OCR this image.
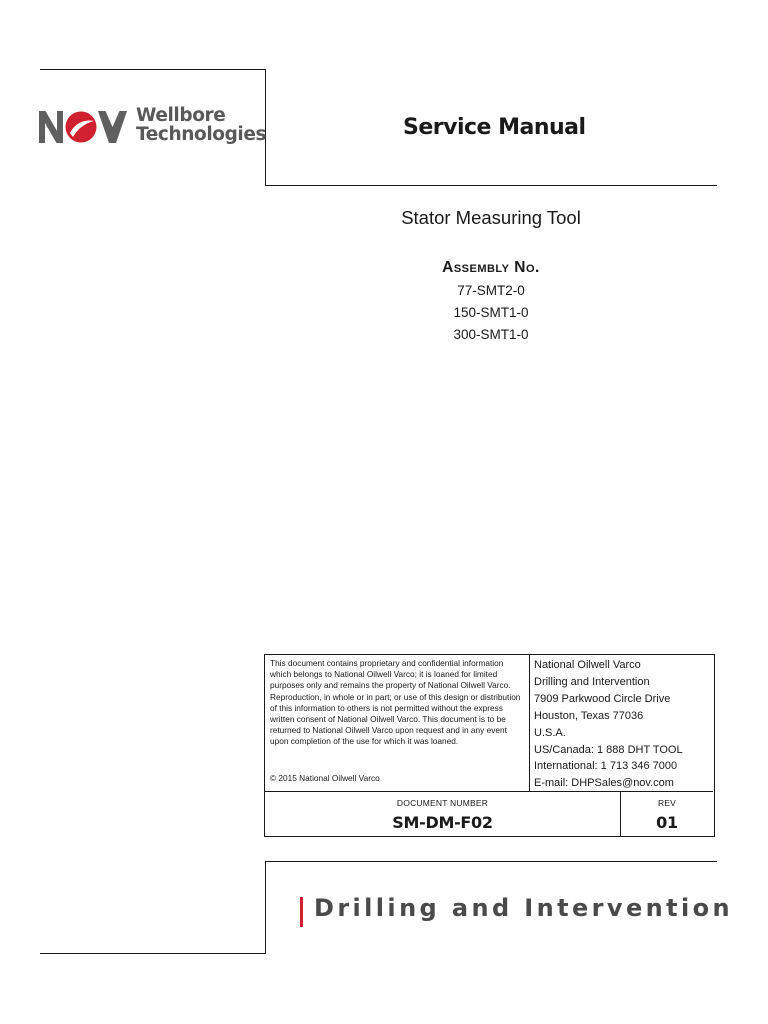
Wellbore
Technologies	Service Manual
Stator Measuring Tool
Assembly No.
77-SMT2-0
150-SMT1-0
300-SMT1-0

This document contains proprietary and confidential information which belongs to National Oilwell Varco; it is loaned for limited purposes only and remains the property of National Oilwell Varco. Reproduction, in whole or in part; or use of this design or distribution of this information to others is not permitted without the express written consent of National Oilwell Varco. This document is to be returned to National Oilwell Varco upon request and in any event upon completion of the use for which it was loaned.

© 2015 National Oilwell Varco
National Oilwell Varco
Drilling and Intervention
7909 Parkwood Circle Drive
Houston, Texas 77036
U.S.A.
US/Canada: 1 888 DHT TOOL
International: 1 713 346 7000
E-mail: DHPSales@nov.com
DOCUMENT NUMBER
SM-DM-F02
REV
01
Drilling and Intervention
